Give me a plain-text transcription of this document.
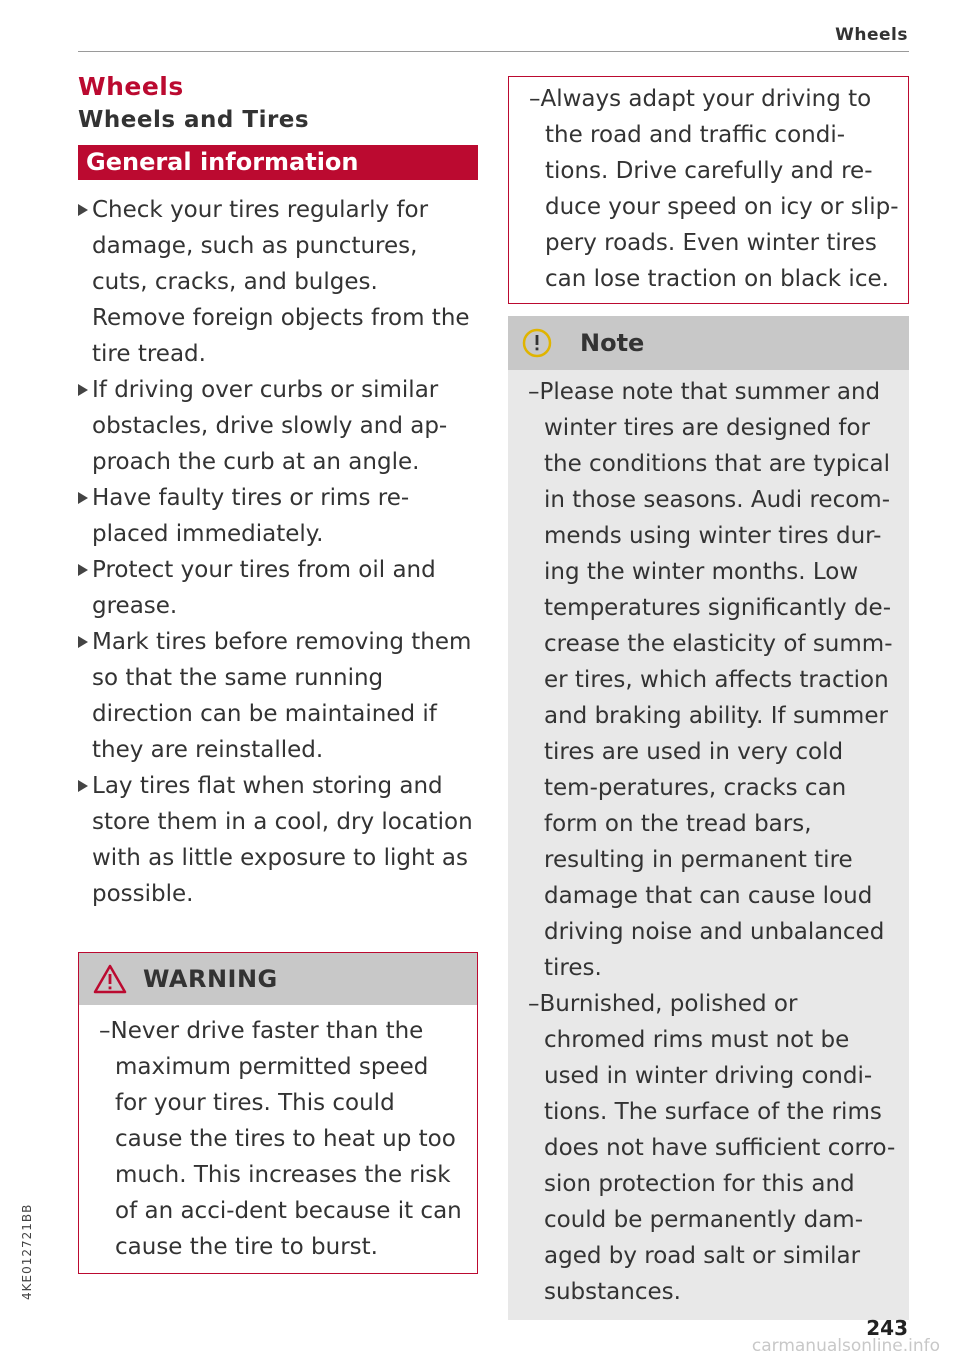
Wheels
4KE012721BB
Wheels
Wheels and Tires
General information
Check your tires regularly for damage, such as punctures, cuts, cracks, and bulges. Remove foreign objects from the tire tread.
If driving over curbs or similar obstacles, drive slowly and ap-proach the curb at an angle.
Have faulty tires or rims re-placed immediately.
Protect your tires from oil and grease.
Mark tires before removing them so that the same running direction can be maintained if they are reinstalled.
Lay tires flat when storing and store them in a cool, dry location with as little exposure to light as possible.
WARNING
–Never drive faster than the maximum permitted speed for your tires. This could cause the tires to heat up too much. This increases the risk of an acci-dent because it can cause the tire to burst.
–Always adapt your driving to the road and traffic condi-tions. Drive carefully and re-duce your speed on icy or slip-pery roads. Even winter tires can lose traction on black ice.
Note
–Please note that summer and winter tires are designed for the conditions that are typical in those seasons. Audi recom-mends using winter tires dur-ing the winter months. Low temperatures significantly de-crease the elasticity of summ-er tires, which affects traction and braking ability. If summer tires are used in very cold tem-peratures, cracks can form on the tread bars, resulting in permanent tire damage that can cause loud driving noise and unbalanced tires.
–Burnished, polished or chromed rims must not be used in winter driving condi-tions. The surface of the rims does not have sufficient corro-sion protection for this and could be permanently dam-aged by road salt or similar substances.
243
carmanualsonline.info
